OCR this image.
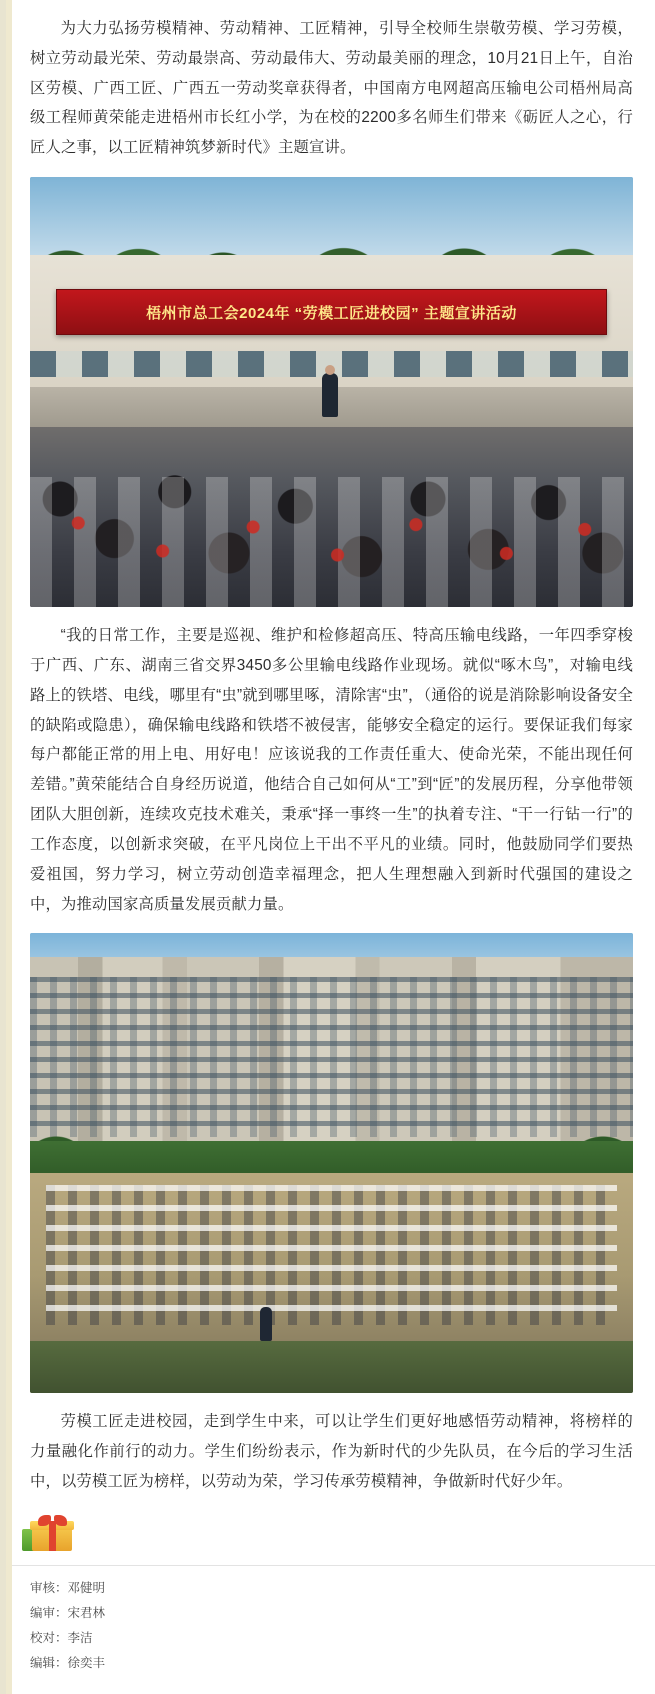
为大力弘扬劳模精神、劳动精神、工匠精神，引导全校师生崇敬劳模、学习劳模，树立劳动最光荣、劳动最崇高、劳动最伟大、劳动最美丽的理念，10月21日上午，自治区劳模、广西工匠、广西五一劳动奖章获得者，中国南方电网超高压输电公司梧州局高级工程师黄荣能走进梧州市长红小学，为在校的2200多名师生们带来《砺匠人之心，行匠人之事，以工匠精神筑梦新时代》主题宣讲。

梧州市总工会2024年 “劳模工匠进校园” 主题宣讲活动

“我的日常工作，主要是巡视、维护和检修超高压、特高压输电线路，一年四季穿梭于广西、广东、湖南三省交界3450多公里输电线路作业现场。就似“啄木鸟”，对输电线路上的铁塔、电线，哪里有“虫”就到哪里啄，清除害“虫”，（通俗的说是消除影响设备安全的缺陷或隐患），确保输电线路和铁塔不被侵害，能够安全稳定的运行。要保证我们每家每户都能正常的用上电、用好电！应该说我的工作责任重大、使命光荣，不能出现任何差错。”黄荣能结合自身经历说道，他结合自己如何从“工”到“匠”的发展历程，分享他带领团队大胆创新，连续攻克技术难关，秉承“择一事终一生”的执着专注、“干一行钻一行”的工作态度，以创新求突破，在平凡岗位上干出不平凡的业绩。同时，他鼓励同学们要热爱祖国，努力学习，树立劳动创造幸福理念，把人生理想融入到新时代强国的建设之中，为推动国家高质量发展贡献力量。

劳模工匠走进校园，走到学生中来，可以让学生们更好地感悟劳动精神，将榜样的力量融化作前行的动力。学生们纷纷表示，作为新时代的少先队员，在今后的学习生活中，以劳模工匠为榜样，以劳动为荣，学习传承劳模精神，争做新时代好少年。

审核：邓健明
编审：宋君林
校对：李洁
编辑：徐奕丰
